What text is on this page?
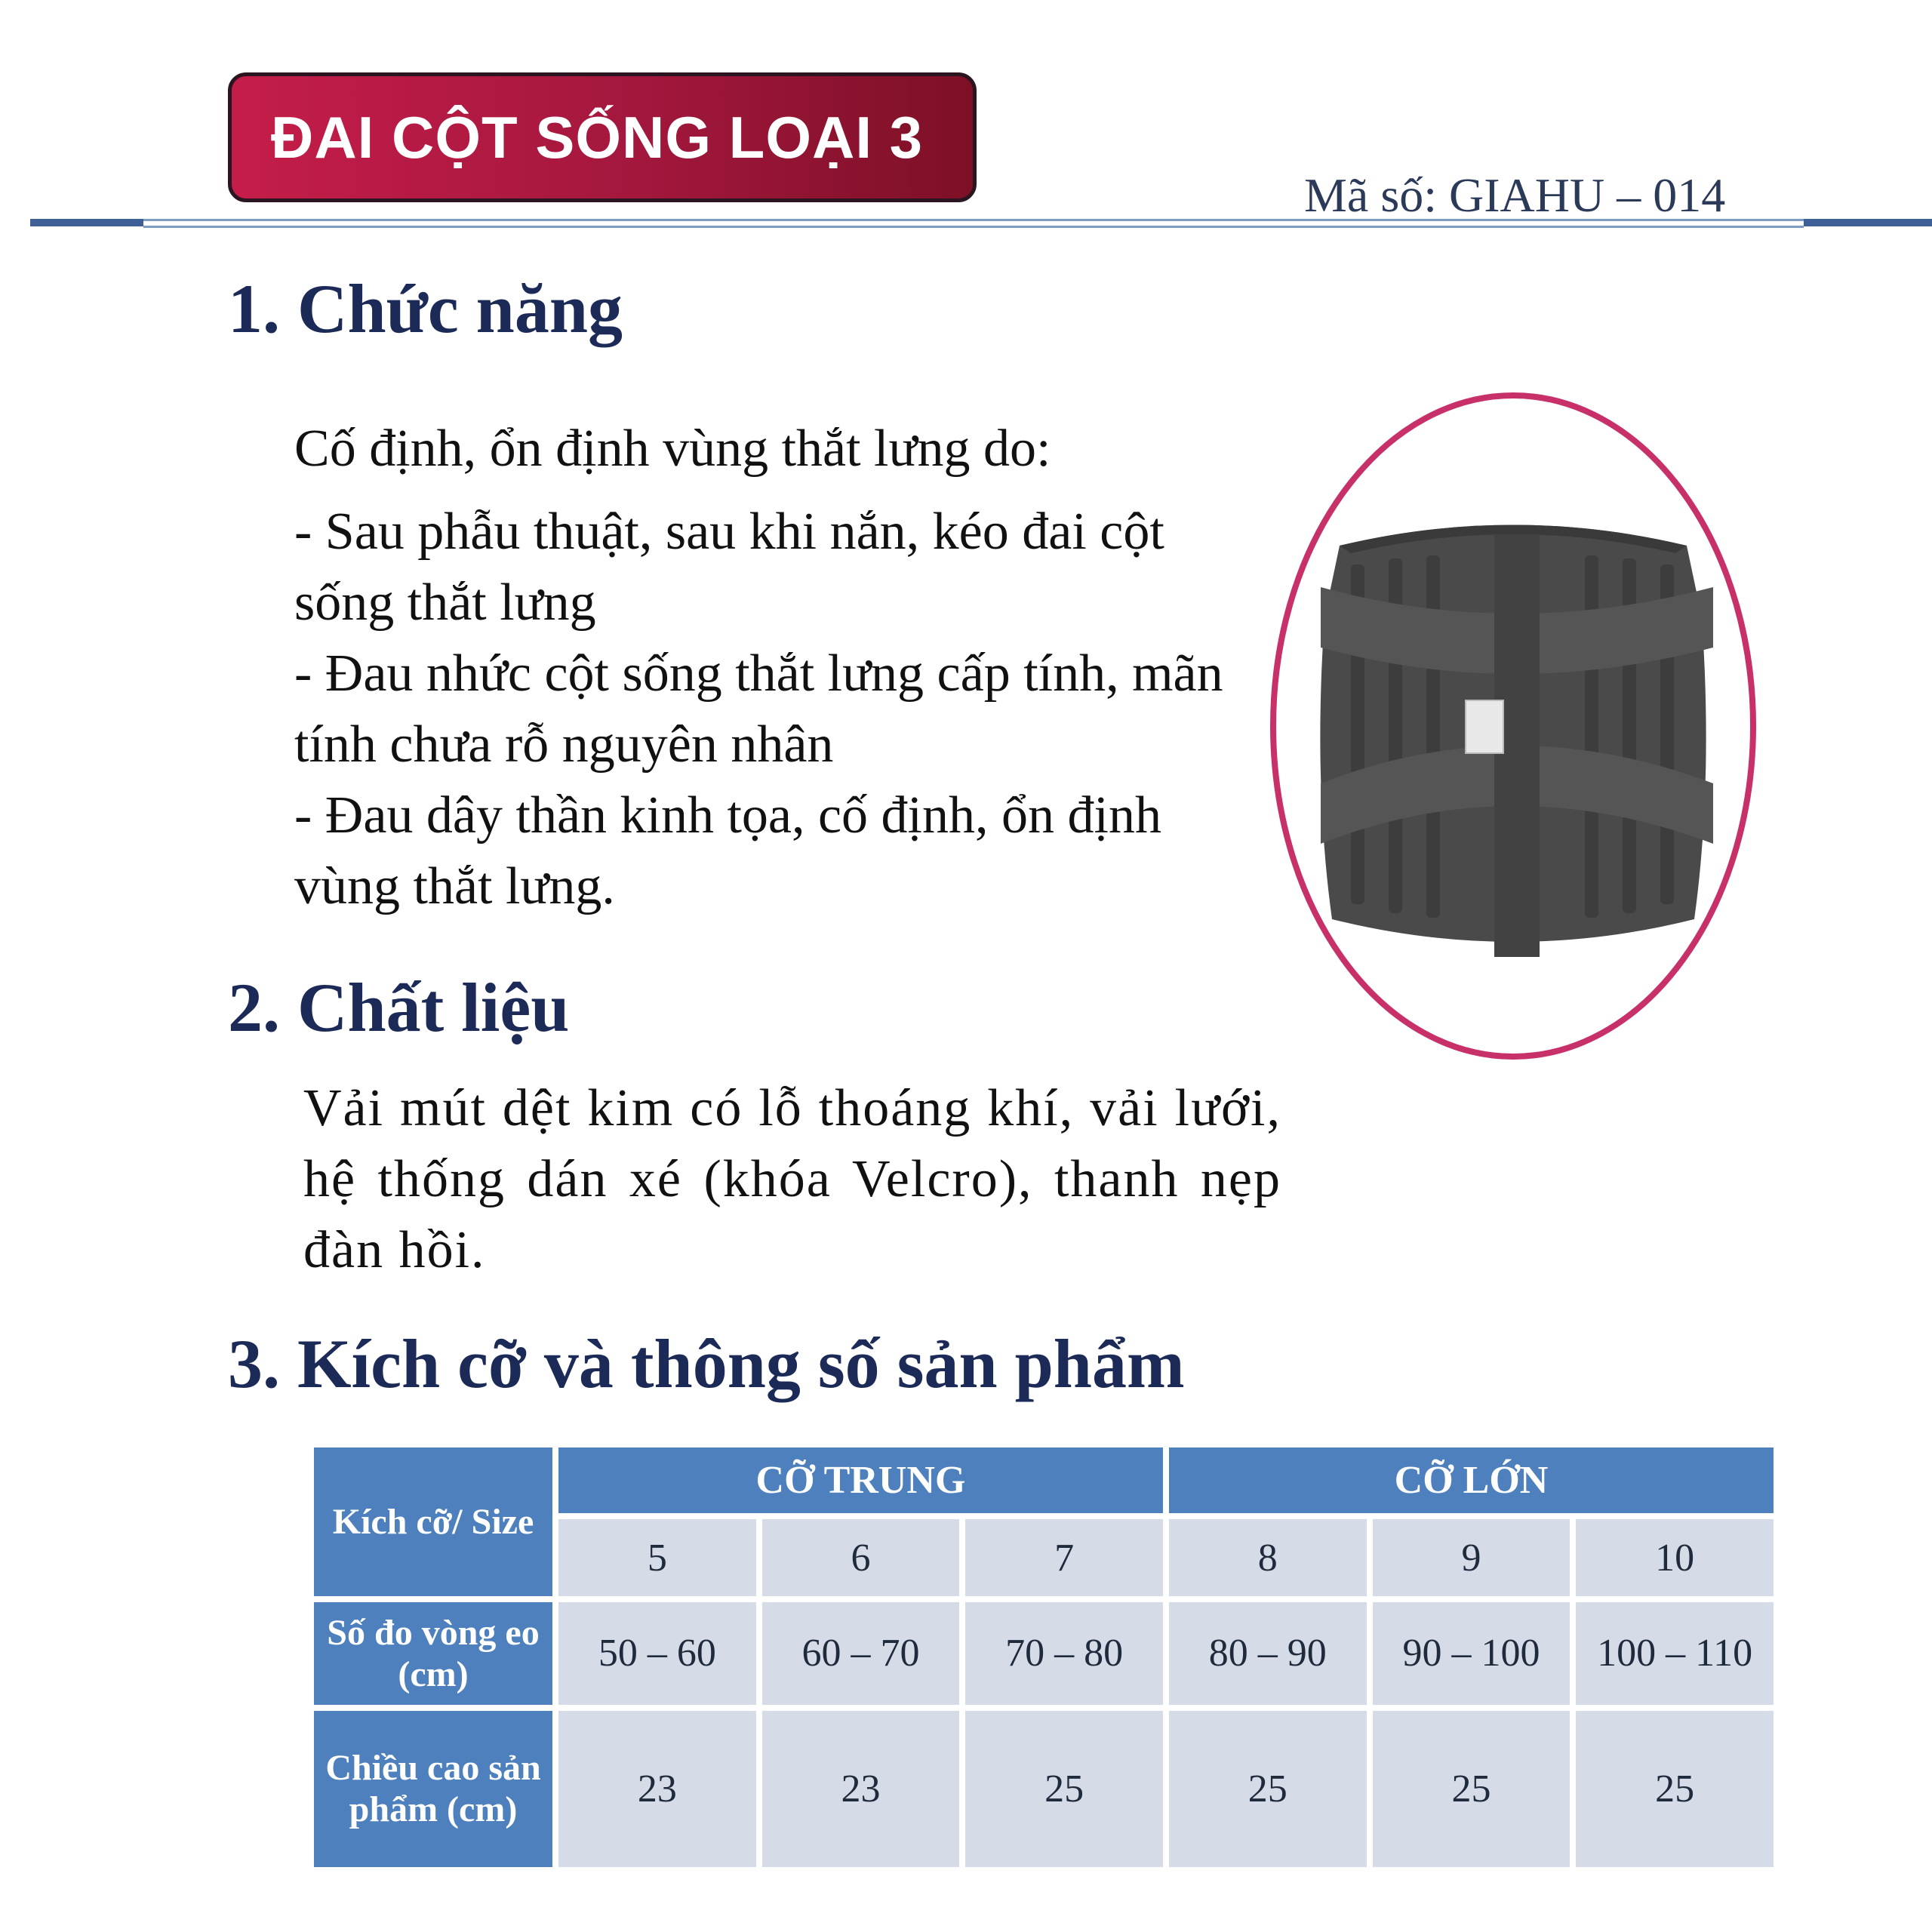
ĐAI CỘT SỐNG LOẠI 3
Mã số: GIAHU – 014
1. Chức năng

Cố định, ổn định vùng thắt lưng do:

- Sau phẫu thuật, sau khi nắn, kéo đai cột sống thắt lưng

- Đau nhức cột sống thắt lưng cấp tính, mãn tính chưa rỗ nguyên nhân

- Đau dây thần kinh tọa, cố định, ổn định vùng thắt lưng.

2. Chất liệu

Vải mút dệt kim có lỗ thoáng khí, vải lưới, hệ thống dán xé (khóa Velcro), thanh nẹp đàn hồi.

3. Kích cỡ và thông số sản phẩm
Kích cỡ/ Size	CỠ TRUNG			CỠ LỚN		
	5	6	7	8	9	10
Số đo vòng eo (cm)	50 – 60	60 – 70	70 – 80	80 – 90	90 – 100	100 – 110
Chiều cao sản phẩm (cm)	23	23	25	25	25	25
